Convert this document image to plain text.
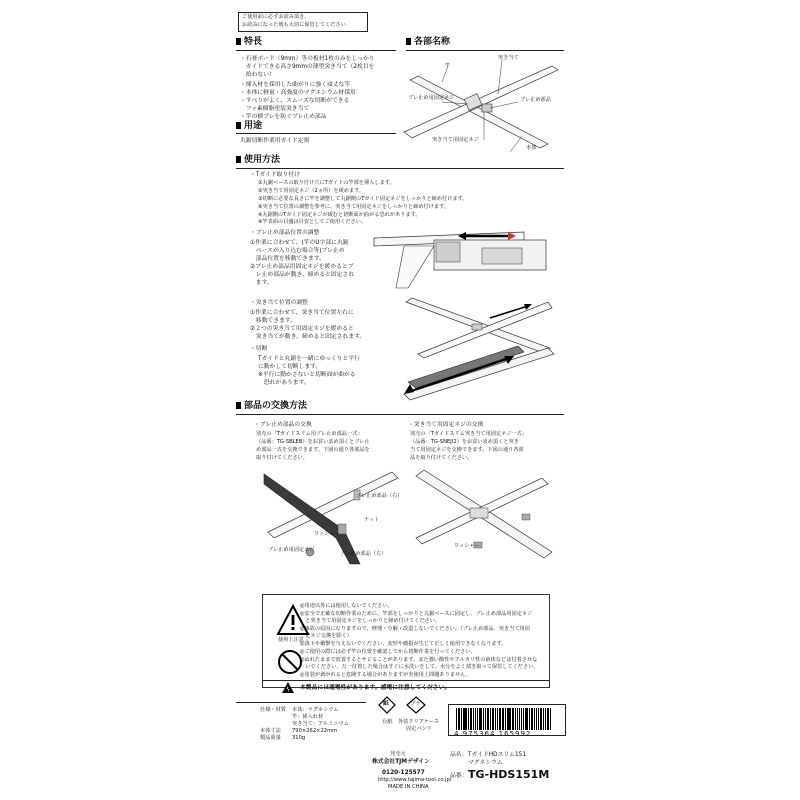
ご使用前に必ずお読み頂き、
お読みになった後も大切に保管してください
特長
・石膏ボード（9mm）等の板材1枚のみをしっかり
　ガイドできる高さ9mmの薄型突き当て（2枚目を
　拾わない）
・挿入材を採用した曲がりに強く頑丈な竿
・本体に軽量・高強度のマグネシウム材採用
・すべりがよく、スムーズな切断ができる
　フッ素樹脂塗装突き当て
・竿の横ブレを防ぐブレ止め部品
用途
丸鋸切断作業用ガイド定規
各部名称
竿
突き当て
ブレ止め用固定ネジ	ブレ止め部品
突き当て用固定ネジ
本体
使用方法
・Tガイド取り付け
①丸鋸ベースの取り付け穴にTガイドの竿部を挿入します。
②突き当て用固定ネジ（2ヵ所）を緩めます。
③切断に必要な長さに竿を調整して丸鋸側のTガイド固定ネジをしっかりと締め付けます。
④突き当て位置の調整を参考に、突き当て用固定ネジをしっかりと締め付けます。
※丸鋸側のTガイド固定ネジが緩むと切断面が曲がる恐れがあります。
※竿表面の目盛は目安としてご使用ください。
・ブレ止め部品位置の調整
①作業に合わせて、(竿のU字部に丸鋸
　ベースが入り込む場合等)ブレ止め
　部品位置を移動できます。
②ブレ止め部品用固定ネジを緩めるとブ
　レ止め部品が動き、締めると固定され
　ます。
・突き当て位置の調整
①作業に合わせて、突き当て位置左右に
　移動できます。
②２つの突き当て用固定ネジを緩めると
　突き当てが動き、締めると固定されます。
・切断
Tガイドと丸鋸を一緒にゆっくりと平行
に動かして切断します。
※平行に動かさないと切断面が曲がる
　恐れがあります。
部品の交換方法
・ブレ止め部品の交換
別売の「Tガイドスリム用ブレ止め部品一式」
（品番：TG-SBLEB）をお買い求め頂くとブレ止
め部品一式を交換できます。下図の通り各部品を
取り付けてください。
・突き当て用固定ネジの交換
別売の「Tガイドスリム突き当て用固定ネジ一式」
（品番：TG-SNEJI2）をお買い求め頂くと突き
当て用固定ネジを交換できます。下図の通り各部
品を取り付けてください。
ブレ止め部品（右）
ナット
ワッシャー
ブレ止め部品（左）
ブレ止め用固定ネジ
ワッシャー
使用上注意
◎用途以外には使用しないでください。
◎安全で正確な切断作業のために、竿部をしっかりと丸鋸ベースに固定し、ブレ止め部品用固定ネジ
　と突き当て用固定ネジをしっかりと締め付けてください。
◎事故の原因になりますので、修理・分解・改造しないでください。（ブレ止め部品、突き当て用固
　定ネジ交換を除く）
◎落下や衝撃を与えないでください。変形や破損が生じて正しく使用できなくなります。
◎ご使用の際には必ず竿の位置を確認してから切断作業を行ってください。
◎ぬれたままで放置するとサビることがあります。また強い酸性やアルカリ性の液体などは付着させな
　いでください。万一付着した場合はすぐに水洗いをして、水分をよく拭き取って保管してください。
◎塗装が剥がれると危険する場合がありますが実使用上問題ありません。
本製品には通電性があります。感電に注意してください。
仕様・材質 本体：マグネシウム
竿：挿入れ材
突き当て：アルミニウム
本体寸法 790×262×22mm
製品重量 310g
紙
台紙
プラ
外装クリアケース
固定バンド
発売元
株式会社TJMデザイン
0120-125577
http://www.tajima-tool.co.jp/
MADE IN CHINA
4 975364 165992
品名： TガイドHDスリム151
マグネシウム
品番： TG-HDS151M
